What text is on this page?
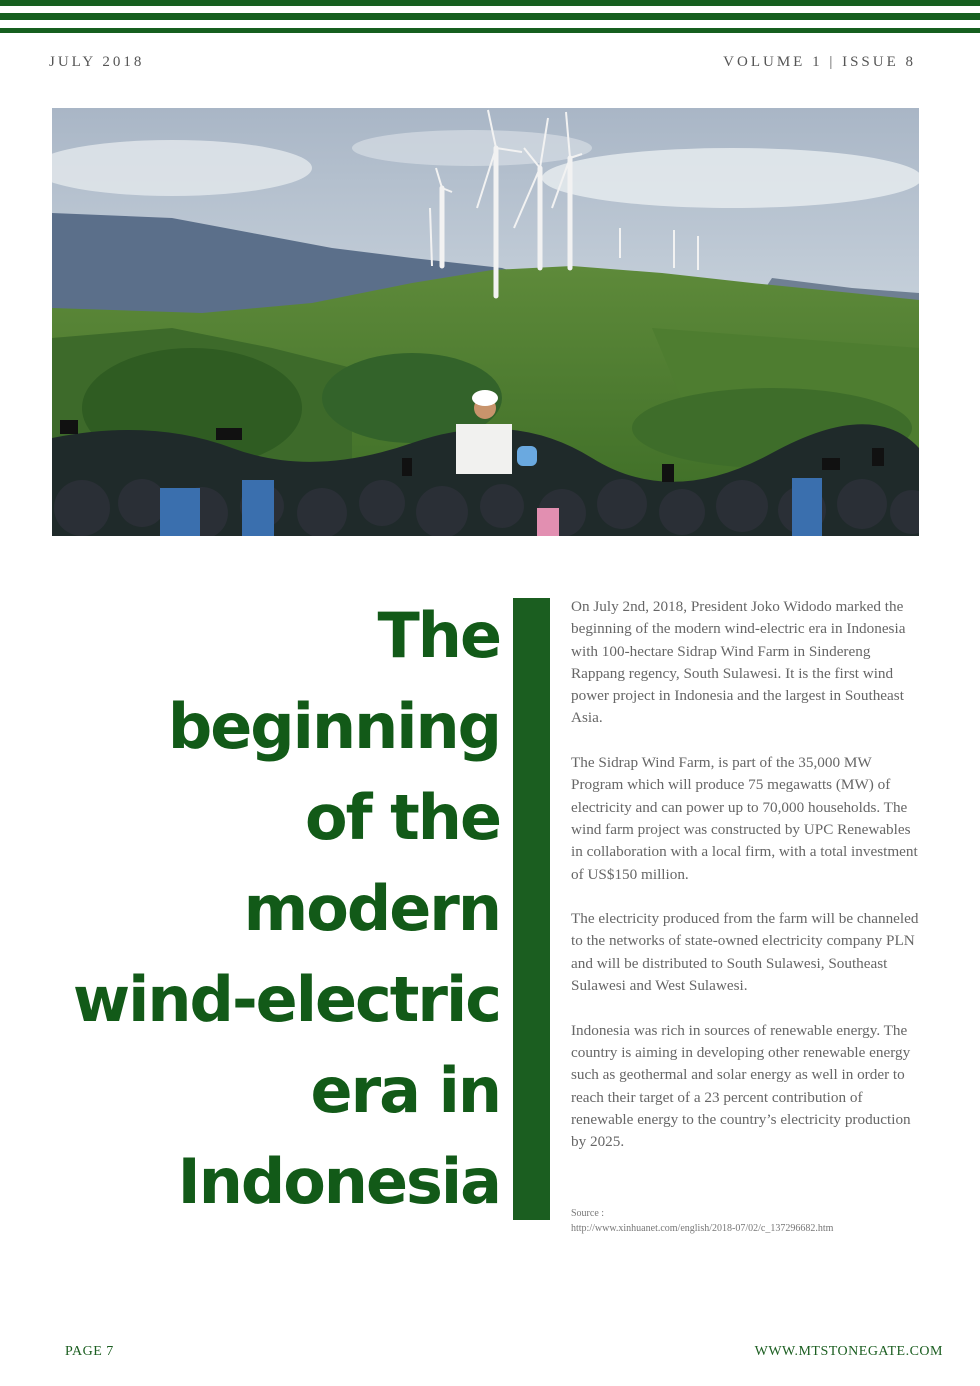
JULY 2018	VOLUME 1 | ISSUE 8
The
beginning
of the
modern
wind-electric
era in
Indonesia

On July 2nd, 2018, President Joko Widodo marked the beginning of the modern wind-electric era in Indonesia with 100-hectare Sidrap Wind Farm in Sindereng Rappang regency, South Sulawesi. It is the first wind power project in Indonesia and the largest in Southeast Asia.

The Sidrap Wind Farm, is part of the 35,000 MW Program which will produce 75 megawatts (MW) of electricity and can power up to 70,000 households. The wind farm project was constructed by UPC Renewables in collaboration with a local firm, with a total investment of US$150 million.

The electricity produced from the farm will be channeled to the networks of state-owned electricity company PLN and will be distributed to South Sulawesi, Southeast Sulawesi and West Sulawesi.

Indonesia was rich in sources of renewable energy. The country is aiming in developing other renewable energy such as geothermal and solar energy as well in order to reach their target of a 23 percent contribution of renewable energy to the country’s electricity production by 2025.

Source :
http://www.xinhuanet.com/english/2018-07/02/c_137296682.htm
PAGE 7	WWW.MTSTONEGATE.COM
